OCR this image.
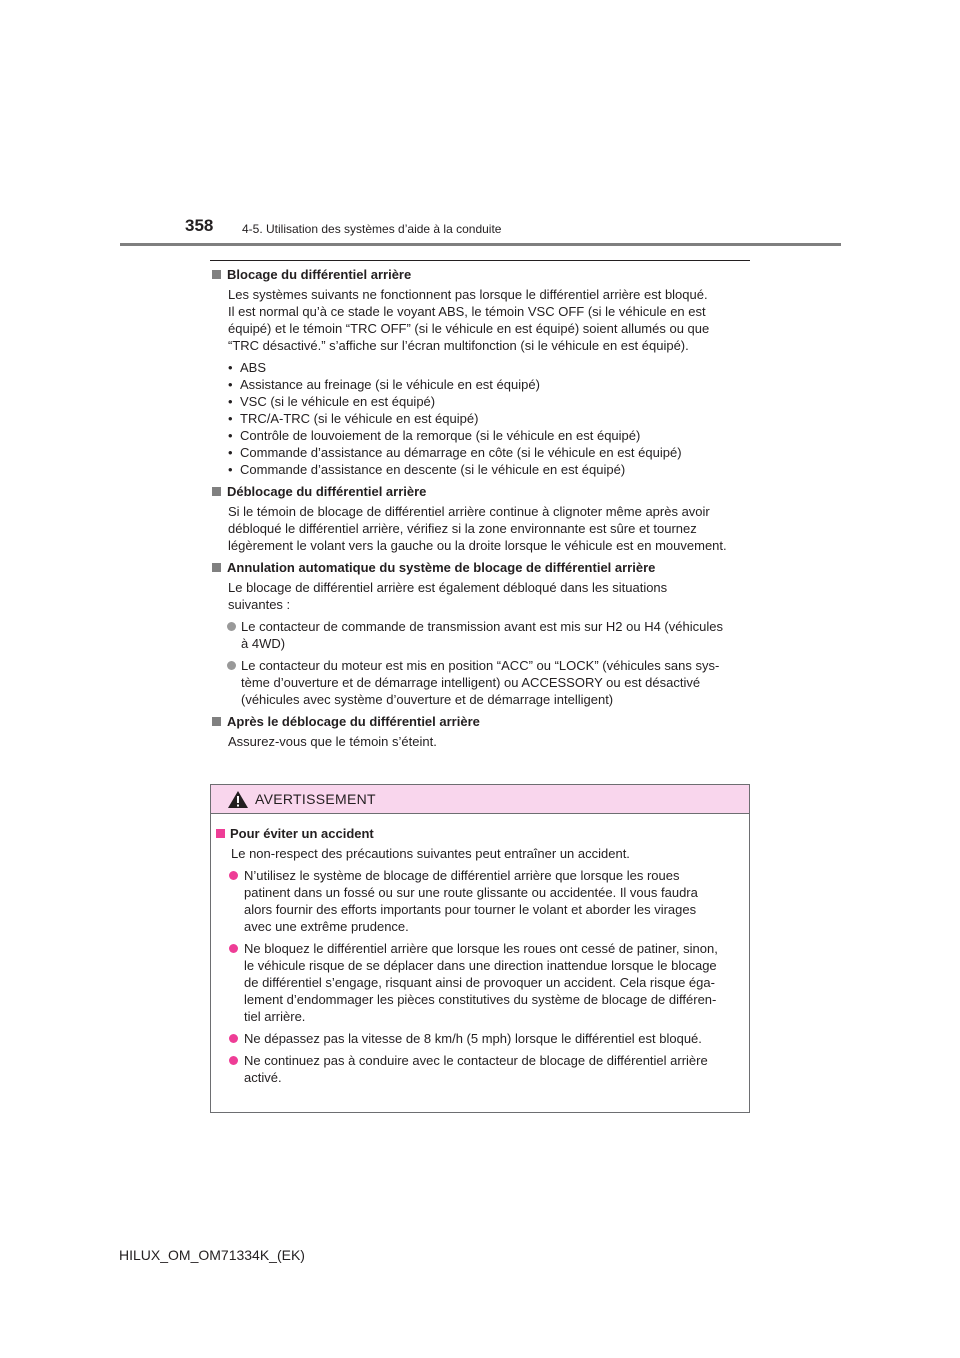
358 4-5. Utilisation des systèmes d’aide à la conduite
Blocage du différentiel arrière
Les systèmes suivants ne fonctionnent pas lorsque le différentiel arrière est bloqué.
Il est normal qu’à ce stade le voyant ABS, le témoin VSC OFF (si le véhicule en est
équipé) et le témoin “TRC OFF” (si le véhicule en est équipé) soient allumés ou que
“TRC désactivé.” s’affiche sur l’écran multifonction (si le véhicule en est équipé).
• ABS
• Assistance au freinage (si le véhicule en est équipé)
• VSC (si le véhicule en est équipé)
• TRC/A-TRC (si le véhicule en est équipé)
• Contrôle de louvoiement de la remorque (si le véhicule en est équipé)
• Commande d’assistance au démarrage en côte (si le véhicule en est équipé)
• Commande d’assistance en descente (si le véhicule en est équipé)
Déblocage du différentiel arrière
Si le témoin de blocage de différentiel arrière continue à clignoter même après avoir
débloqué le différentiel arrière, vérifiez si la zone environnante est sûre et tournez
légèrement le volant vers la gauche ou la droite lorsque le véhicule est en mouvement.
Annulation automatique du système de blocage de différentiel arrière
Le blocage de différentiel arrière est également débloqué dans les situations
suivantes :
Le contacteur de commande de transmission avant est mis sur H2 ou H4 (véhicules
à 4WD)
Le contacteur du moteur est mis en position “ACC” ou “LOCK” (véhicules sans sys-
tème d’ouverture et de démarrage intelligent) ou ACCESSORY ou est désactivé
(véhicules avec système d’ouverture et de démarrage intelligent)
Après le déblocage du différentiel arrière
Assurez-vous que le témoin s’éteint.
AVERTISSEMENT
Pour éviter un accident
Le non-respect des précautions suivantes peut entraîner un accident.
N’utilisez le système de blocage de différentiel arrière que lorsque les roues
patinent dans un fossé ou sur une route glissante ou accidentée. Il vous faudra
alors fournir des efforts importants pour tourner le volant et aborder les virages
avec une extrême prudence.
Ne bloquez le différentiel arrière que lorsque les roues ont cessé de patiner, sinon,
le véhicule risque de se déplacer dans une direction inattendue lorsque le blocage
de différentiel s’engage, risquant ainsi de provoquer un accident. Cela risque éga-
lement d’endommager les pièces constitutives du système de blocage de différen-
tiel arrière.
Ne dépassez pas la vitesse de 8 km/h (5 mph) lorsque le différentiel est bloqué.
Ne continuez pas à conduire avec le contacteur de blocage de différentiel arrière
activé.
HILUX_OM_OM71334K_(EK)
